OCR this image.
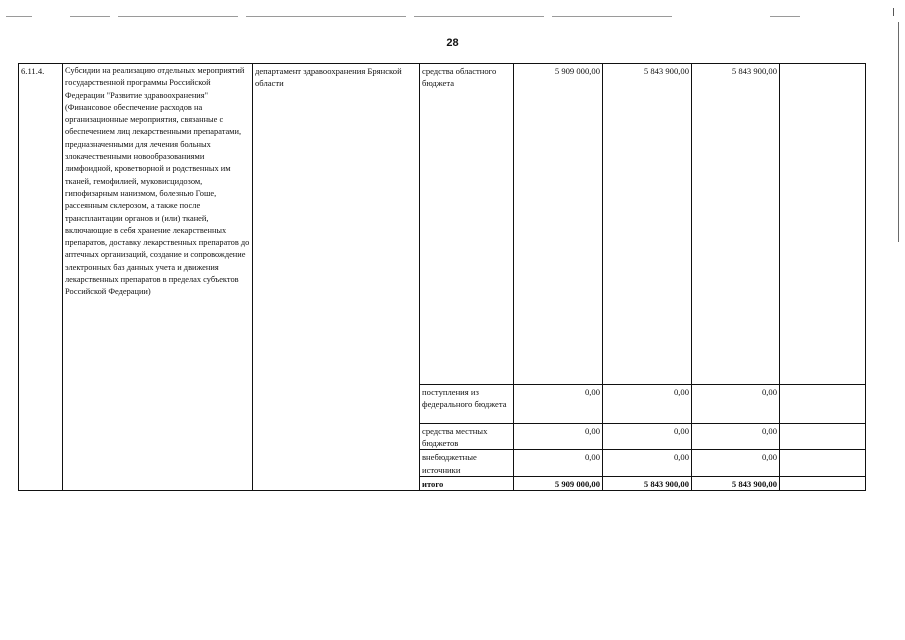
28
6.11.4.	Субсидии на реализацию отдельных мероприятий государственной программы Российской Федерации "Развитие здравоохранения" (Финансовое обеспечение расходов на организационные мероприятия, связанные с обеспечением лиц лекарственными препаратами, предназначенными для лечения больных злокачественными новообразованиями лимфоидной, кроветворной и родственных им тканей, гемофилией, муковисцидозом, гипофизарным нанизмом, болезнью Гоше, рассеянным склерозом, а также после трансплантации органов и (или) тканей, включающие в себя хранение лекарственных препаратов, доставку лекарственных препаратов до аптечных организаций, создание и сопровождение электронных баз данных учета и движения лекарственных препаратов в пределах субъектов Российской Федерации)	департамент здравоохранения Брянской области	средства областного бюджета	5 909 000,00	5 843 900,00	5 843 900,00	
			поступления из федерального бюджета	0,00	0,00	0,00	
			средства местных бюджетов	0,00	0,00	0,00	
			внебюджетные источники	0,00	0,00	0,00	
			итого	5 909 000,00	5 843 900,00	5 843 900,00	
